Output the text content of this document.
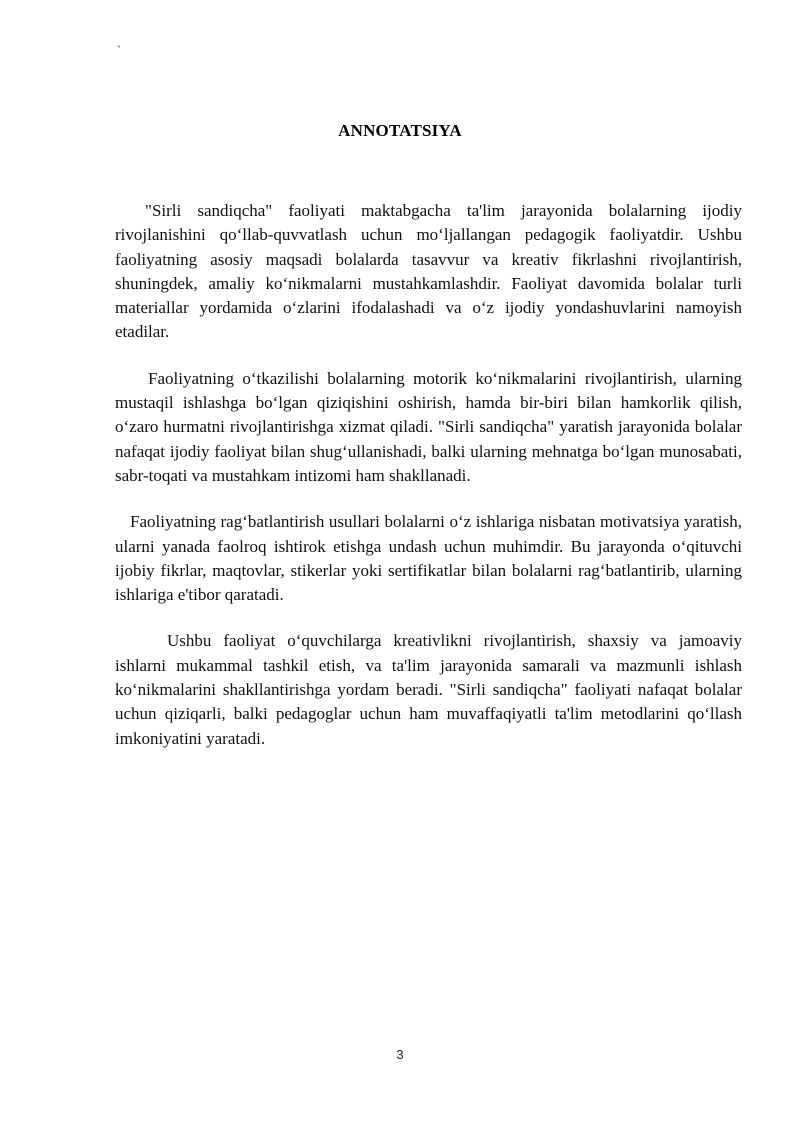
`
ANNOTATSIYA

"Sirli sandiqcha" faoliyati maktabgacha ta'lim jarayonida bolalarning ijodiy rivojlanishini qo‘llab-quvvatlash uchun mo‘ljallangan pedagogik faoliyatdir. Ushbu faoliyatning asosiy maqsadi bolalarda tasavvur va kreativ fikrlashni rivojlantirish, shuningdek, amaliy ko‘nikmalarni mustahkamlashdir. Faoliyat davomida bolalar turli materiallar yordamida o‘zlarini ifodalashadi va o‘z ijodiy yondashuvlarini namoyish etadilar.

Faoliyatning o‘tkazilishi bolalarning motorik ko‘nikmalarini rivojlantirish, ularning mustaqil ishlashga bo‘lgan qiziqishini oshirish, hamda bir-biri bilan hamkorlik qilish, o‘zaro hurmatni rivojlantirishga xizmat qiladi. "Sirli sandiqcha" yaratish jarayonida bolalar nafaqat ijodiy faoliyat bilan shug‘ullanishadi, balki ularning mehnatga bo‘lgan munosabati, sabr-toqati va mustahkam intizomi ham shakllanadi.

Faoliyatning rag‘batlantirish usullari bolalarni o‘z ishlariga nisbatan motivatsiya yaratish, ularni yanada faolroq ishtirok etishga undash uchun muhimdir. Bu jarayonda o‘qituvchi ijobiy fikrlar, maqtovlar, stikerlar yoki sertifikatlar bilan bolalarni rag‘batlantirib, ularning ishlariga e'tibor qaratadi.

Ushbu faoliyat o‘quvchilarga kreativlikni rivojlantirish, shaxsiy va jamoaviy ishlarni mukammal tashkil etish, va ta'lim jarayonida samarali va mazmunli ishlash ko‘nikmalarini shakllantirishga yordam beradi. "Sirli sandiqcha" faoliyati nafaqat bolalar uchun qiziqarli, balki pedagoglar uchun ham muvaffaqiyatli ta'lim metodlarini qo‘llash imkoniyatini yaratadi.

3
